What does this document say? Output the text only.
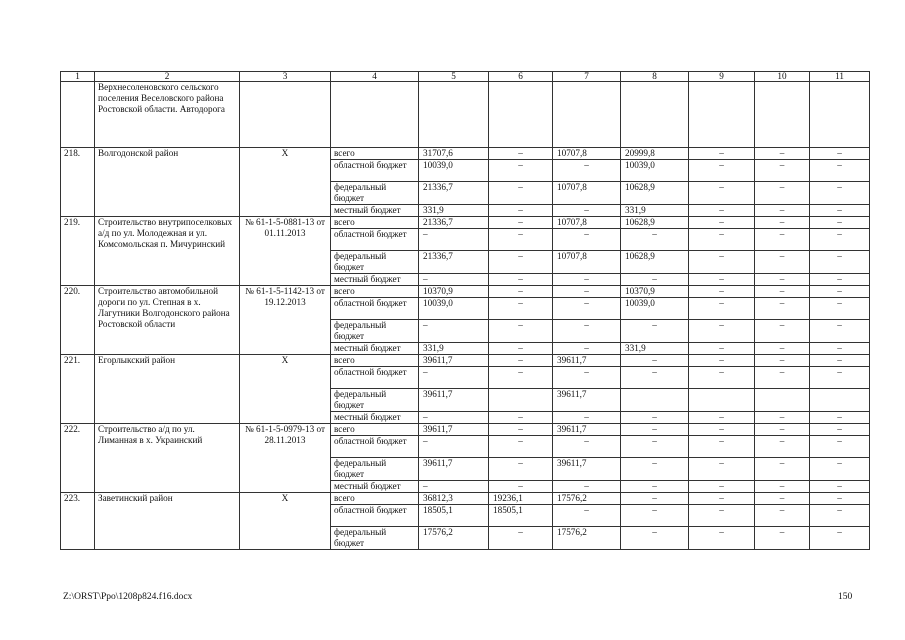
1	2	3	4	5	6	7	8	9	10	11
	Верхнесоленовского сельского поселения Веселовского района Ростовской области. Автодорога									
218.	Волгодонской район	Х	всего	31707,6	–	10707,8	20999,8	–	–	–
			областной бюджет	10039,0	–	–	10039,0	–	–	–
			федеральный бюджет	21336,7	–	10707,8	10628,9	–	–	–
			местный бюджет	331,9	–	–	331,9	–	–	–
219.	Строительство внутрипоселковых а/д по ул. Молодежная и ул. Комсомольская п. Мичуринский	№ 61-1-5-0881-13 от 01.11.2013	всего	21336,7	–	10707,8	10628,9	–	–	–
			областной бюджет	–	–	–	–	–	–	–
			федеральный бюджет	21336,7	–	10707,8	10628,9	–	–	–
			местный бюджет	–	–	–	–	–	–	–
220.	Строительство автомобильной дороги по ул. Степная в х. Лагутники Волгодонского района Ростовской области	№ 61-1-5-1142-13 от 19.12.2013	всего	10370,9	–	–	10370,9	–	–	–
			областной бюджет	10039,0	–	–	10039,0	–	–	–
			федеральный бюджет	–	–	–	–	–	–	–
			местный бюджет	331,9	–	–	331,9	–	–	–
221.	Егорлыкский район	Х	всего	39611,7	–	39611,7	–	–	–	–
			областной бюджет	–	–	–	–	–	–	–
			федеральный бюджет	39611,7		39611,7				
			местный бюджет	–	–	–	–	–	–	–
222.	Строительство а/д по ул. Лиманная в х. Украинский	№ 61-1-5-0979-13 от 28.11.2013	всего	39611,7	–	39611,7	–	–	–	–
			областной бюджет	–	–	–	–	–	–	–
			федеральный бюджет	39611,7	–	39611,7	–	–	–	–
			местный бюджет	–	–	–	–	–	–	–
223.	Заветинский район	Х	всего	36812,3	19236,1	17576,2	–	–	–	–
			областной бюджет	18505,1	18505,1	–	–	–	–	–
			федеральный бюджет	17576,2	–	17576,2	–	–	–	–
Z:\ORST\Ppo\1208p824.f16.docx	150
